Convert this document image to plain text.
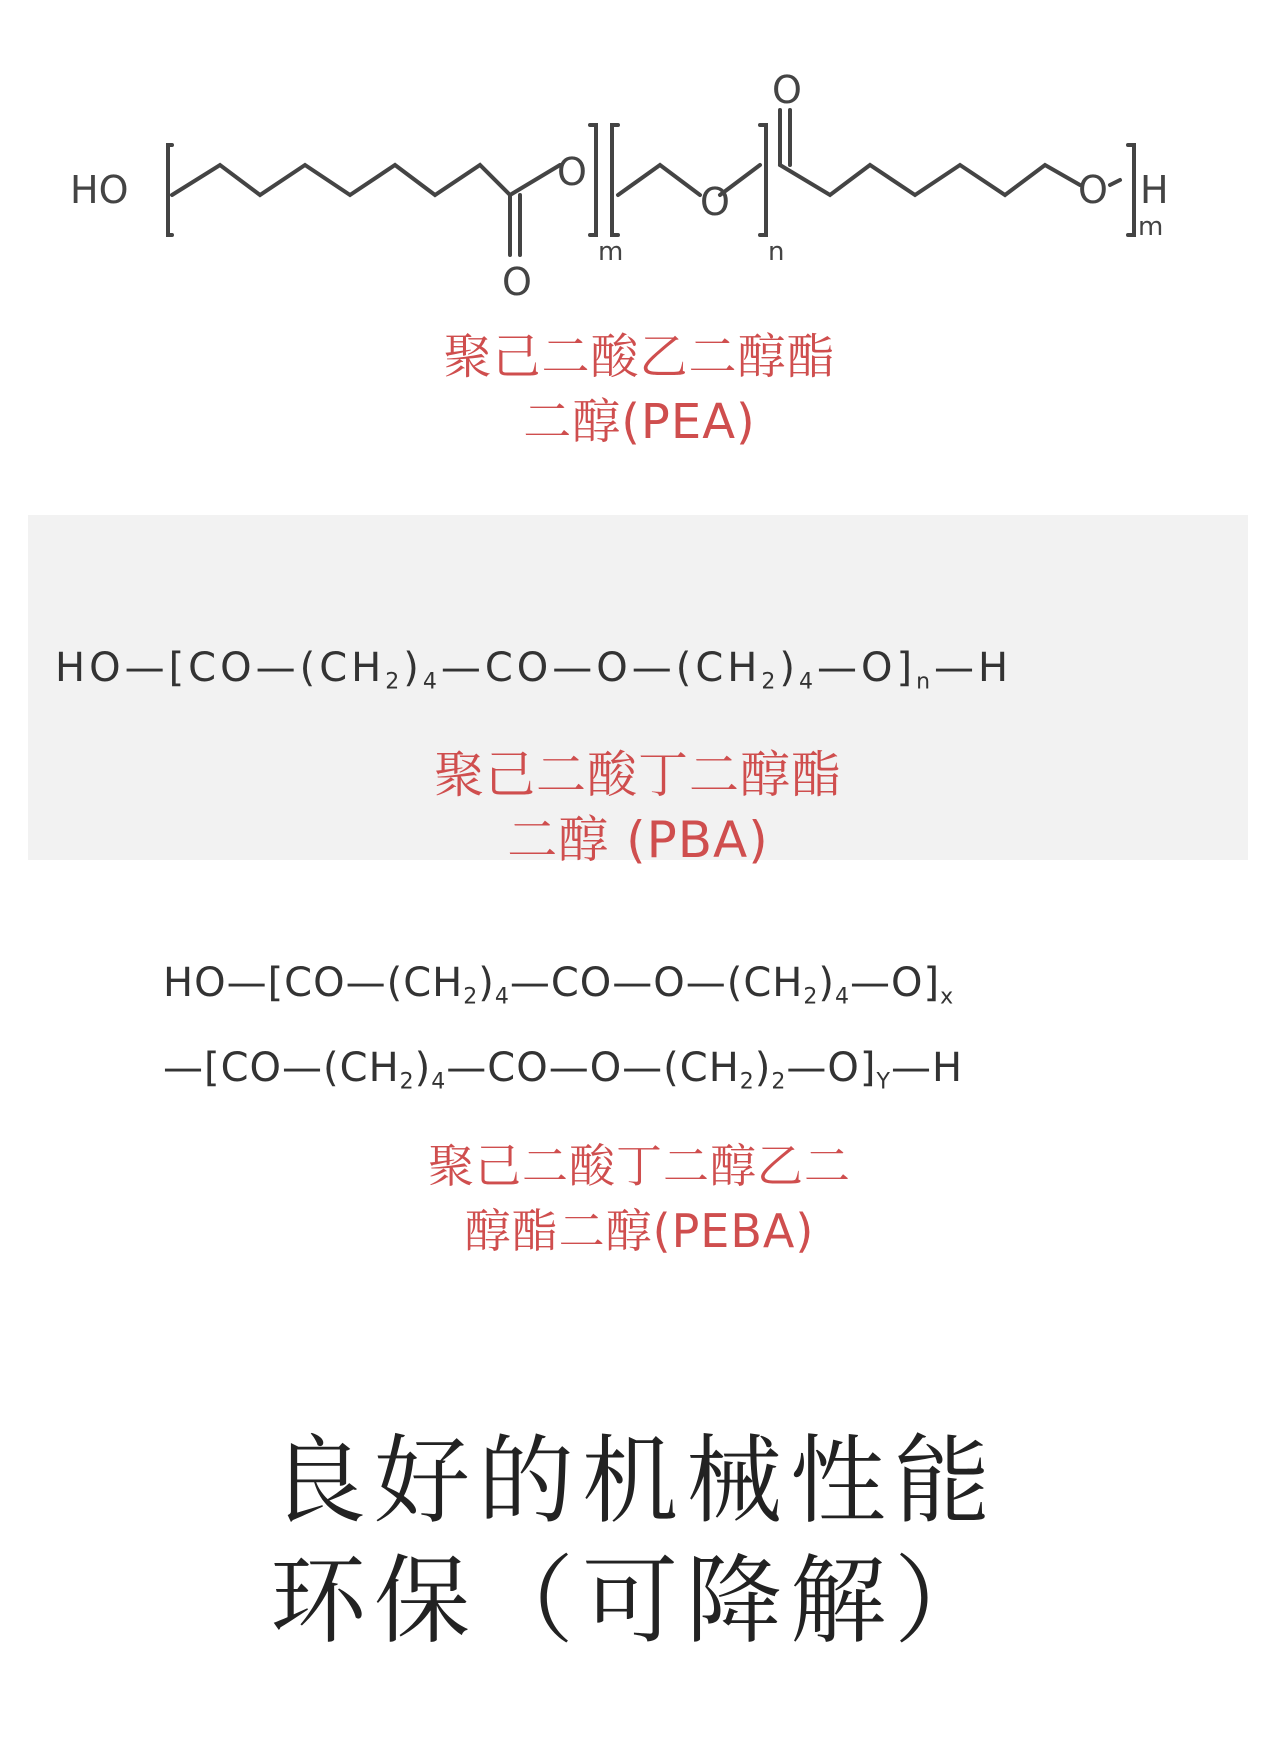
HO	O
O
O
O
O H
m	n
m
聚己二酸乙二醇酯
二醇(PEA)
$HO—[CO—(CH_2)_4—CO—O—(CH_2)_4—O]_n—H$
聚己二酸丁二醇酯
二醇 (PBA)
$HO—[CO—(CH_2)_4—CO—O—(CH_2)_4—O]_x$
$—[CO—(CH_2)_4—CO—O—(CH_2)_2—O]_Y—H$
聚己二酸丁二醇乙二
醇酯二醇(PEBA)
良好的机械性能
环保（可降解）
